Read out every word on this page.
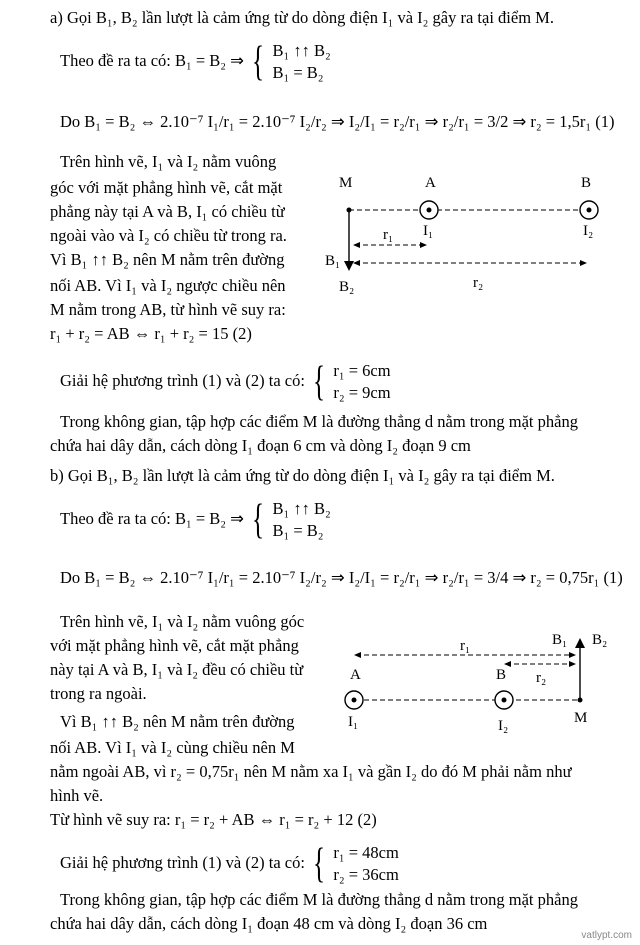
a) Gọi B₁, B₂ lần lượt là cảm ứng từ do dòng điện I₁ và I₂ gây ra tại điểm M.
Theo đề ra ta có: B₁ = B₂ ⇒ { B₁ ↑↑ B₂
B₁ = B₂
Do B₁ = B₂ ⇔ 2.10⁻⁷ I₁/r₁ = 2.10⁻⁷ I₂/r₂ ⇒ I₂/I₁ = r₂/r₁ ⇒ r₂/r₁ = 3/2 ⇒ r₂ = 1,5r₁ (1)
Trên hình vẽ, I₁ và I₂ nằm vuông
góc với mặt phẳng hình vẽ, cắt mặt
phẳng này tại A và B, I₁ có chiều từ
ngoài vào và I₂ có chiều từ trong ra.
Vì B₁ ↑↑ B₂ nên M nằm trên đường
nối AB. Vì I₁ và I₂ ngược chiều nên
M nằm trong AB, từ hình vẽ suy ra:
r₁ + r₂ = AB ⇔ r₁ + r₂ = 15 (2)
M	A	B
r₁ I₁	I₂
B₁
B₂	r₂
Giải hệ phương trình (1) và (2) ta có: { r₁ = 6cm
r₂ = 9cm
Trong không gian, tập hợp các điểm M là đường thẳng d nằm trong mặt phẳng
chứa hai dây dẫn, cách dòng I₁ đoạn 6 cm và dòng I₂ đoạn 9 cm
b) Gọi B₁, B₂ lần lượt là cảm ứng từ do dòng điện I₁ và I₂ gây ra tại điểm M.
Theo đề ra ta có: B₁ = B₂ ⇒ { B₁ ↑↑ B₂
B₁ = B₂
Do B₁ = B₂ ⇔ 2.10⁻⁷ I₁/r₁ = 2.10⁻⁷ I₂/r₂ ⇒ I₂/I₁ = r₂/r₁ ⇒ r₂/r₁ = 3/4 ⇒ r₂ = 0,75r₁ (1)
Trên hình vẽ, I₁ và I₂ nằm vuông góc
với mặt phẳng hình vẽ, cắt mặt phẳng
này tại A và B, I₁ và I₂ đều có chiều từ
trong ra ngoài.
Vì B₁ ↑↑ B₂ nên M nằm trên đường
nối AB. Vì I₁ và I₂ cùng chiều nên M
nằm ngoài AB, vì r₂ = 0,75r₁ nên M nằm xa I₁ và gần I₂ do đó M phải nằm như
hình vẽ.
Từ hình vẽ suy ra: r₁ = r₂ + AB ⇔ r₁ = r₂ + 12 (2)
B₁ B₂
r₁
A	B r₂
I₁	I₂	M
Giải hệ phương trình (1) và (2) ta có: { r₁ = 48cm
r₂ = 36cm
Trong không gian, tập hợp các điểm M là đường thẳng d nằm trong mặt phẳng
chứa hai dây dẫn, cách dòng I₁ đoạn 48 cm và dòng I₂ đoạn 36 cm
vatlypt.com
